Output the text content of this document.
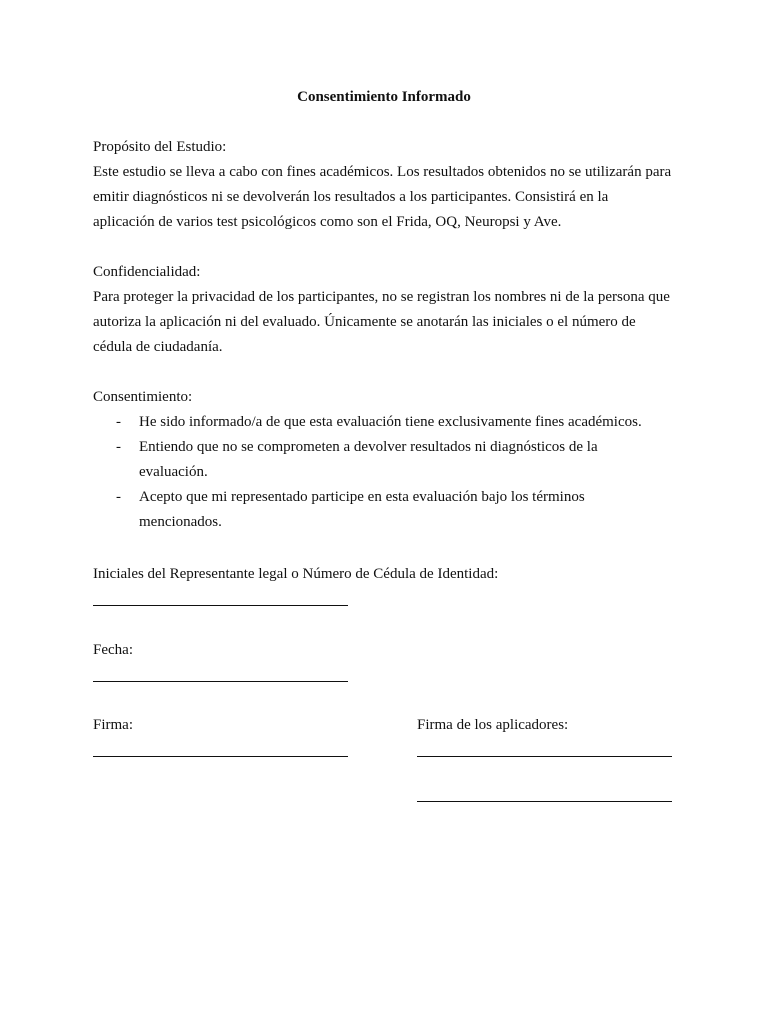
Consentimiento Informado

Propósito del Estudio:

Este estudio se lleva a cabo con fines académicos. Los resultados obtenidos no se utilizarán para emitir diagnósticos ni se devolverán los resultados a los participantes. Consistirá en la aplicación de varios test psicológicos como son el Frida, OQ, Neuropsi y Ave.

Confidencialidad:

Para proteger la privacidad de los participantes, no se registran los nombres ni de la persona que autoriza la aplicación ni del evaluado. Únicamente se anotarán las iniciales o el número de cédula de ciudadanía.

Consentimiento:

- He sido informado/a de que esta evaluación tiene exclusivamente fines académicos.
- Entiendo que no se comprometen a devolver resultados ni diagnósticos de la evaluación.
- Acepto que mi representado participe en esta evaluación bajo los términos mencionados.
Iniciales del Representante legal o Número de Cédula de Identidad:
Fecha:
Firma:	Firma de los aplicadores:
